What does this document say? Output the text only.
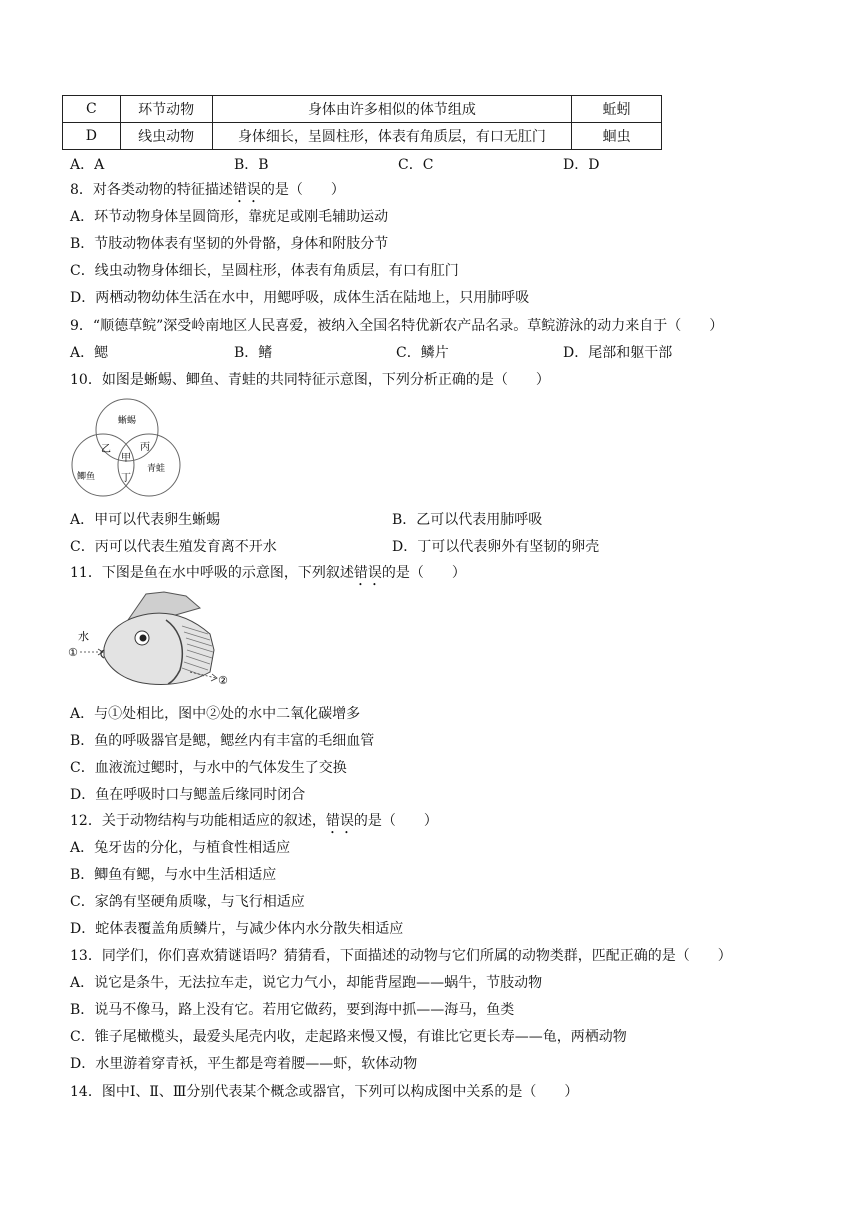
C	环节动物	身体由许多相似的体节组成	蚯蚓
D	线虫动物	身体细长，呈圆柱形，体表有角质层，有口无肛门	蛔虫
A．A	B．B	C．C	D．D
8．对各类动物的特征描述错误的是（　　）
A．环节动物身体呈圆筒形，靠疣足或刚毛辅助运动
B．节肢动物体表有坚韧的外骨骼，身体和附肢分节
C．线虫动物身体细长，呈圆柱形，体表有角质层，有口有肛门
D．两栖动物幼体生活在水中，用鳃呼吸，成体生活在陆地上，只用肺呼吸
9．“顺德草鲩”深受岭南地区人民喜爱，被纳入全国名特优新农产品名录。草鲩游泳的动力来自于（　　）
A．鳃	B．鳍	C．鳞片	D．尾部和躯干部
10．如图是蜥蜴、鲫鱼、青蛙的共同特征示意图，下列分析正确的是（　　）
蜥蜴
鲫鱼
青蛙
乙	丙
甲
丁
A．甲可以代表卵生蜥蜴	B．乙可以代表用肺呼吸
C．丙可以代表生殖发育离不开水	D．丁可以代表卵外有坚韧的卵壳
11．下图是鱼在水中呼吸的示意图，下列叙述错误的是（　　）
水
①
②
A．与①处相比，图中②处的水中二氧化碳增多
B．鱼的呼吸器官是鳃，鳃丝内有丰富的毛细血管
C．血液流过鳃时，与水中的气体发生了交换
D．鱼在呼吸时口与鳃盖后缘同时闭合
12．关于动物结构与功能相适应的叙述，错误的是（　　）
A．兔牙齿的分化，与植食性相适应
B．鲫鱼有鳃，与水中生活相适应
C．家鸽有坚硬角质喙，与飞行相适应
D．蛇体表覆盖角质鳞片，与减少体内水分散失相适应
13．同学们，你们喜欢猜谜语吗？猜猜看，下面描述的动物与它们所属的动物类群，匹配正确的是（　　）
A．说它是条牛，无法拉车走，说它力气小，却能背屋跑——蜗牛，节肢动物
B．说马不像马，路上没有它。若用它做药，要到海中抓——海马，鱼类
C．锥子尾橄榄头，最爱头尾壳内收，走起路来慢又慢，有谁比它更长寿——龟，两栖动物
D．水里游着穿青袄，平生都是弯着腰——虾，软体动物
14．图中Ⅰ、Ⅱ、Ⅲ分别代表某个概念或器官，下列可以构成图中关系的是（　　）
